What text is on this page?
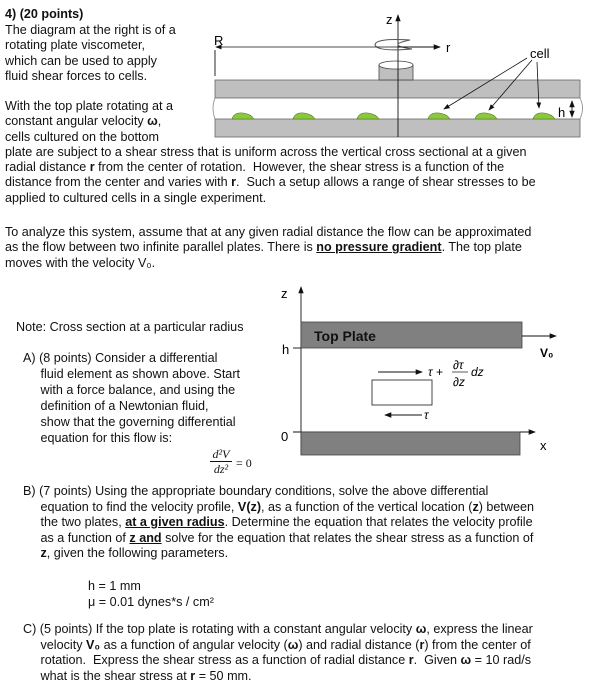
4) (20 points)
The diagram at the right is of a
rotating plate viscometer,
which can be used to apply
fluid shear forces to cells.
With the top plate rotating at a
constant angular velocity ω,
cells cultured on the bottom
plate are subject to a shear stress that is uniform across the vertical cross sectional at a given
radial distance r from the center of rotation.  However, the shear stress is a function of the
distance from the center and varies with r.  Such a setup allows a range of shear stresses to be
applied to cultured cells in a single experiment.
To analyze this system, assume that at any given radial distance the flow can be approximated
as the flow between two infinite parallel plates. There is no pressure gradient. The top plate
moves with the velocity V₀.
Note: Cross section at a particular radius
A) (8 points) Consider a differential
fluid element as shown above. Start
with a force balance, and using the
definition of a Newtonian fluid,
show that the governing differential
equation for this flow is:
B) (7 points) Using the appropriate boundary conditions, solve the above differential
equation to find the velocity profile, V(z), as a function of the vertical location (z) between
the two plates, at a given radius. Determine the equation that relates the velocity profile
as a function of z and solve for the equation that relates the shear stress as a function of
z, given the following parameters.
h = 1 mm
μ = 0.01 dynes*s / cm²
C) (5 points) If the top plate is rotating with a constant angular velocity ω, express the linear
velocity V₀ as a function of angular velocity (ω) and radial distance (r) from the center of
rotation.  Express the shear stress as a function of radial distance r.  Given ω = 10 rad/s
what is the shear stress at r = 50 mm.
$\frac{\text{d²V}}{\text{dz²}} = 0$
z
r
R
cell
h
z
Top Plate
V₀
h
τ + ∂τ
∂z
dz
τ
0
x
